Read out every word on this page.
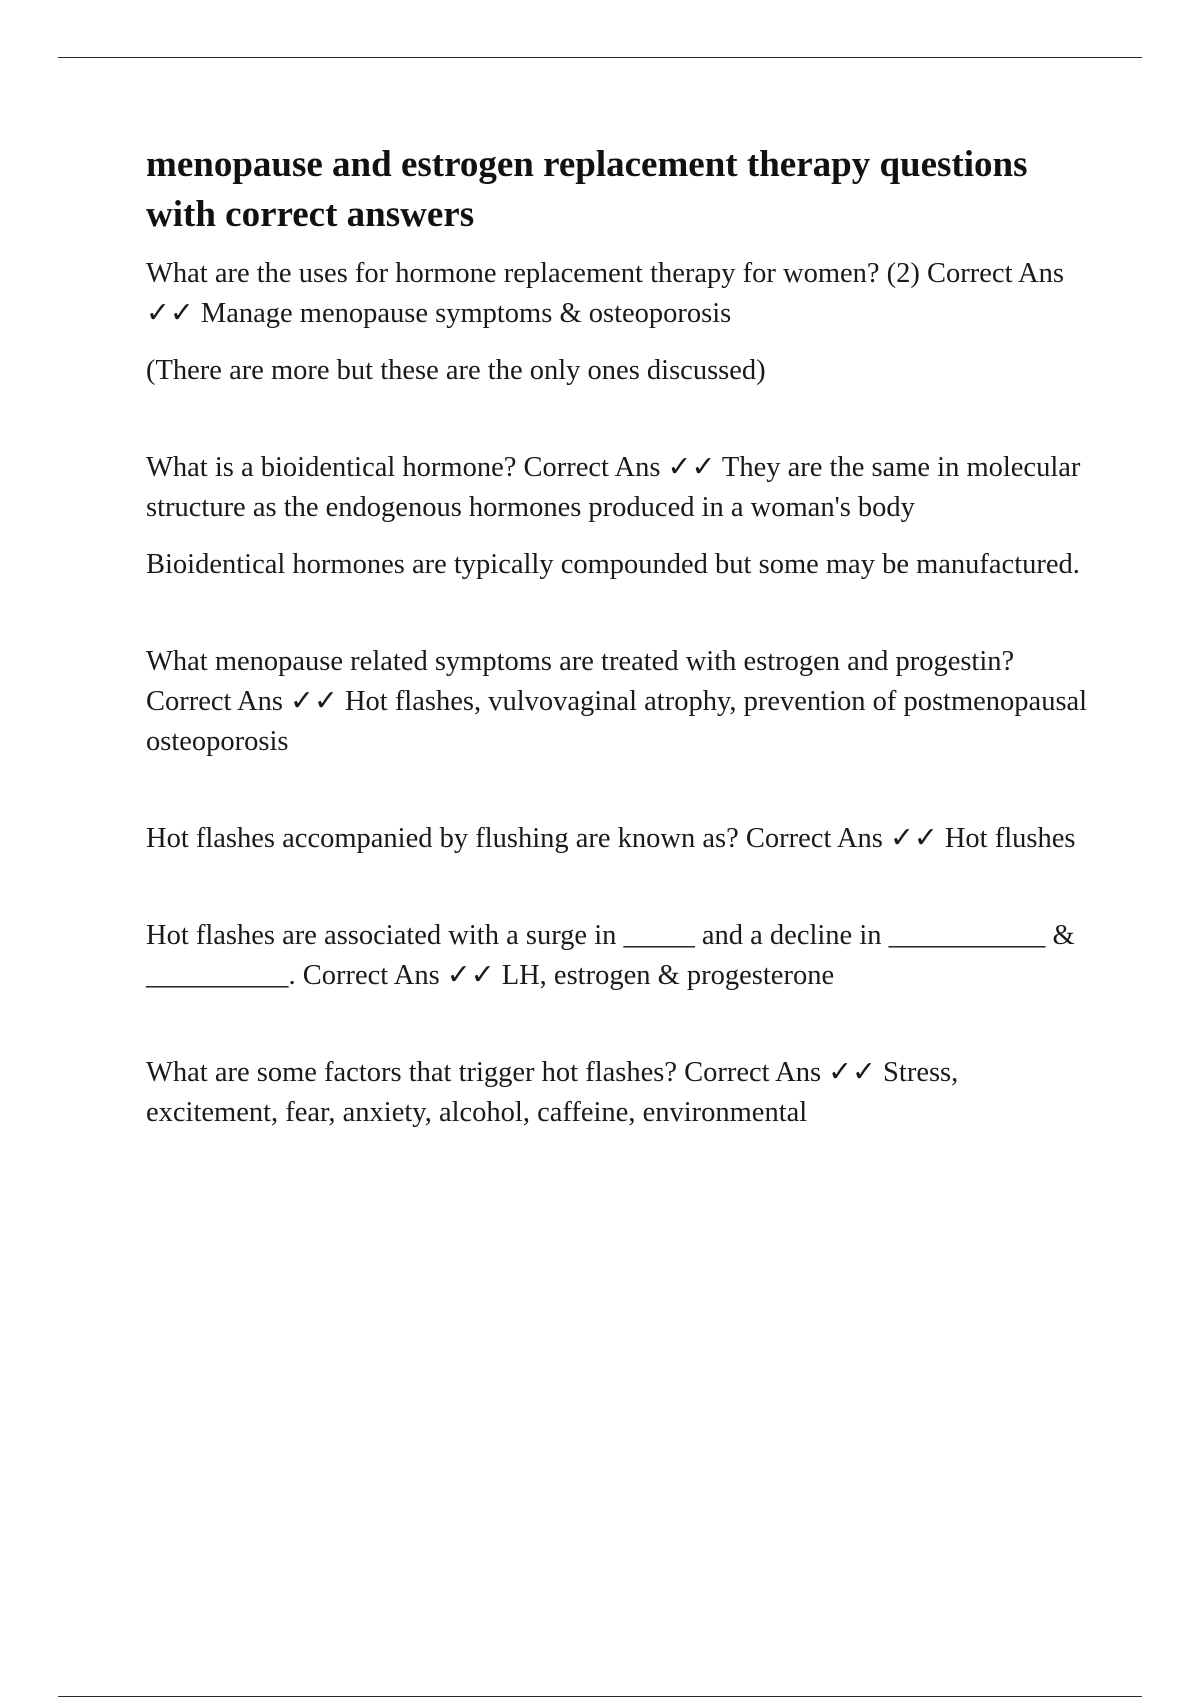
menopause and estrogen replacement therapy questions with correct answers

What are the uses for hormone replacement therapy for women? (2) Correct Ans ✓✓ Manage menopause symptoms & osteoporosis

(There are more but these are the only ones discussed)

What is a bioidentical hormone? Correct Ans ✓✓ They are the same in molecular structure as the endogenous hormones produced in a woman's body

Bioidentical hormones are typically compounded but some may be manufactured.

What menopause related symptoms are treated with estrogen and progestin? Correct Ans ✓✓ Hot flashes, vulvovaginal atrophy, prevention of postmenopausal osteoporosis

Hot flashes accompanied by flushing are known as? Correct Ans ✓✓ Hot flushes

Hot flashes are associated with a surge in _____ and a decline in ___________ & __________. Correct Ans ✓✓ LH, estrogen & progesterone

What are some factors that trigger hot flashes? Correct Ans ✓✓ Stress, excitement, fear, anxiety, alcohol, caffeine, environmental
